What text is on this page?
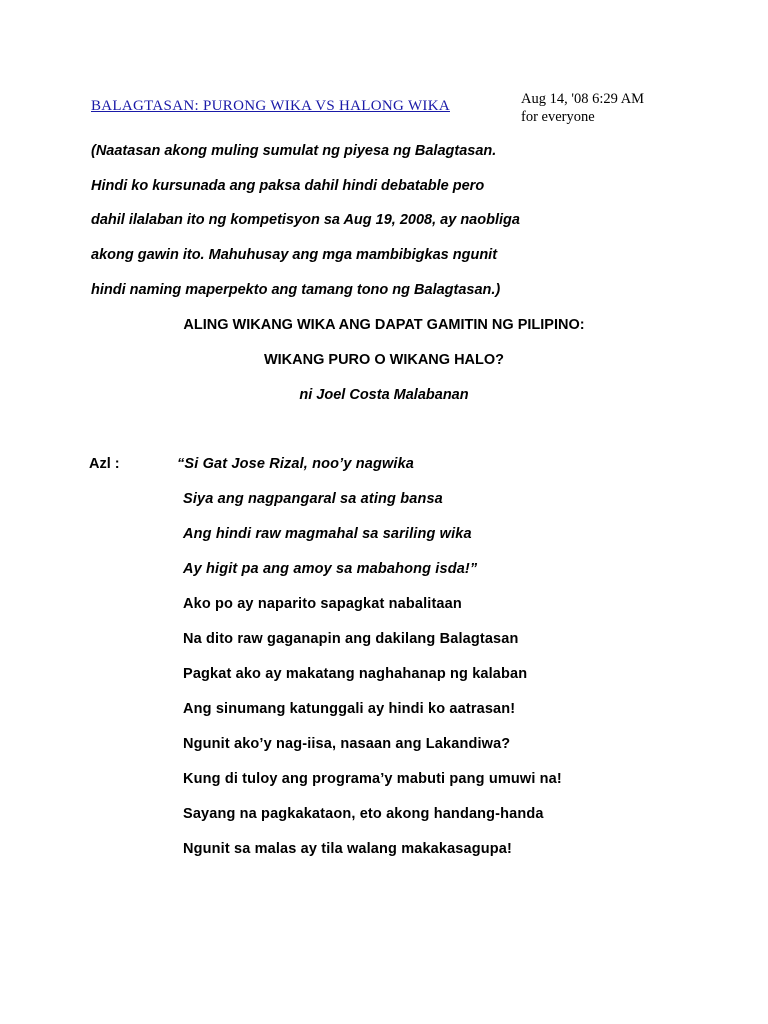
BALAGTASAN: PURONG WIKA VS HALONG WIKA	Aug 14, '08 6:29 AM
for everyone
(Naatasan akong muling sumulat ng piyesa ng Balagtasan.
Hindi ko kursunada ang paksa dahil hindi debatable pero
dahil ilalaban ito ng kompetisyon sa Aug 19, 2008, ay naobliga
akong gawin ito. Mahuhusay ang mga mambibigkas ngunit
hindi naming maperpekto ang tamang tono ng Balagtasan.)
ALING WIKANG WIKA ANG DAPAT GAMITIN NG PILIPINO:
WIKANG PURO O WIKANG HALO?
ni Joel Costa Malabanan
Azl :	“Si Gat Jose Rizal, noo’y nagwika
Siya ang nagpangaral sa ating bansa
Ang hindi raw magmahal sa sariling wika
Ay higit pa ang amoy sa mabahong isda!”
Ako po ay naparito sapagkat nabalitaan
Na dito raw gaganapin ang dakilang Balagtasan
Pagkat ako ay makatang naghahanap ng kalaban
Ang sinumang katunggali ay hindi ko aatrasan!
Ngunit ako’y nag-iisa, nasaan ang Lakandiwa?
Kung di tuloy ang programa’y mabuti pang umuwi na!
Sayang na pagkakataon, eto akong handang-handa
Ngunit sa malas ay tila walang makakasagupa!
